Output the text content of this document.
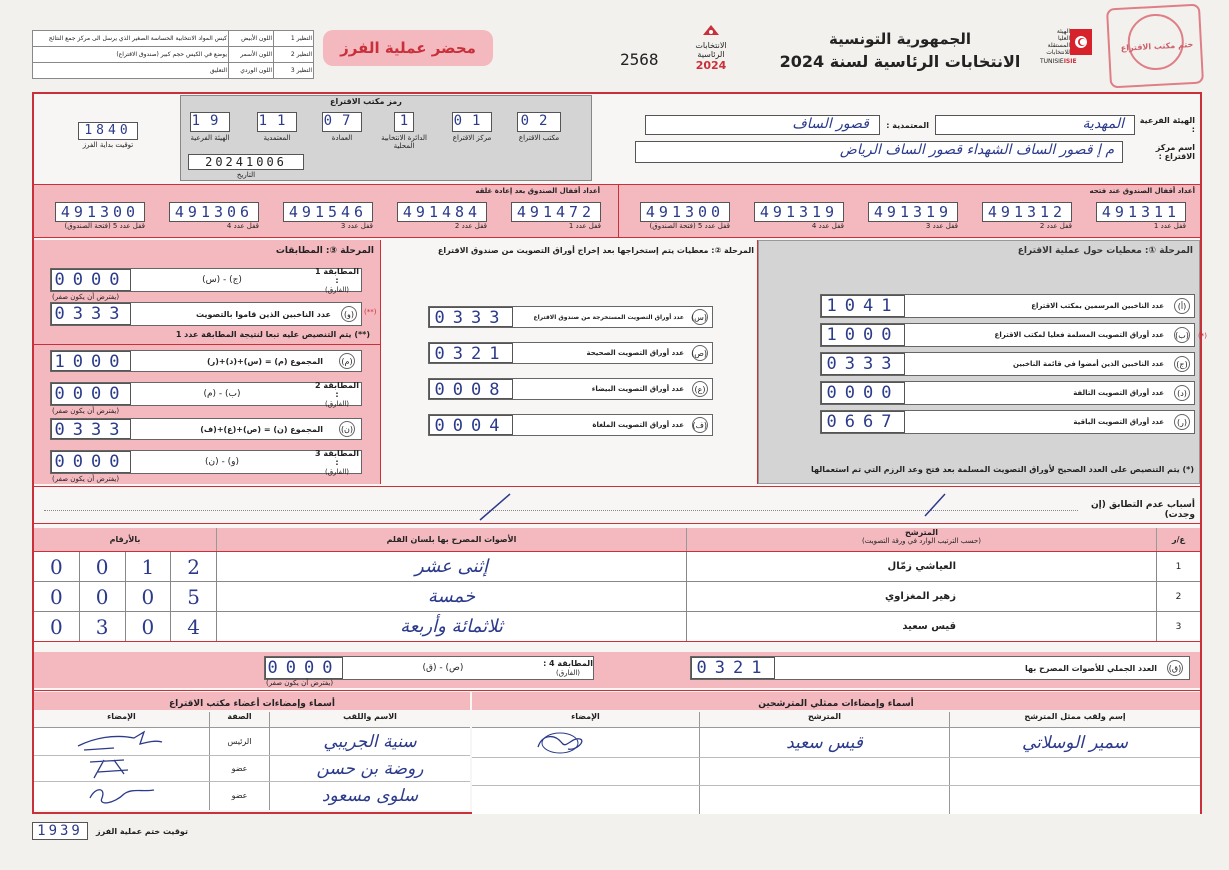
التظير 1	اللون الأبيض	كيس المواد الانتخابية الحساسة الصغير الذي يرسل الى مركز جمع النتائج
التظير 2	اللون الأسمر	يوضع في الكيس حجم كبير (صندوق الاقتراع)
التظير 3	اللون الوردي	التعليق
محضر عملية الفرز
2568
الانتخابات
الرئاسية
2024
الجمهورية التونسية
الانتخابات الرئاسية لسنة 2024
الهيئة
العليا
المستقلة
للانتخابات
TUNISIEISIE
ختم مكتب الاقتراع
رمز مكتب الاقتراع
19
الهيئة الفرعية
11
المعتمدية
07
العمادة
1
الدائرة الانتخابية المحلية
01
مركز الاقتراع
02
مكتب الاقتراع
20241006
التاريخ
1840
توقيت بداية الفرز
الهيئة الفرعية :
المهدية
المعتمدية :
قصور الساف
اسم مركز الاقتراع :
م إ قصور الساف الشهداء قصور الساف الرياض
أعداد أقفال الصندوق عند فتحه
أعداد أقفال الصندوق بعد إعادة غلقه
491311
قفل عدد 1
491312
قفل عدد 2
491319
قفل عدد 3
491319
قفل عدد 4
491300
قفل عدد 5 (فتحة الصندوق)
491472
قفل عدد 1
491484
قفل عدد 2
491546
قفل عدد 3
491306
قفل عدد 4
491300
قفل عدد 5 (فتحة الصندوق)
المرحلة ①: معطيات حول عملية الاقتراع
(أ)
عدد الناخبين المرسمين بمكتب الاقتراع
1041
(ب)
عدد أوراق التصويت المسلمة فعليا لمكتب الاقتراع
1000
(ج)
عدد الناخبين الذين أمضوا في قائمة الناخبين
0333
(د)
عدد أوراق التصويت التالفة
0000
(ر)
عدد أوراق التصويت الباقية
0667
(*)
(*) يتم التنصيص على العدد الصحيح لأوراق التصويت المسلمة بعد فتح وعد الرزم التي تم استعمالها
المرحلة ②: معطيات يتم إستخراجها بعد إخراج أوراق التصويت من صندوق الاقتراع
(س)
عدد أوراق التصويت المستخرجة من صندوق الاقتراع
0333
(ص)
عدد أوراق التصويت الصحيحة
0321
(ع)
عدد أوراق التصويت البيضاء
0008
(ف)
عدد أوراق التصويت الملغاة
0004
المرحلة ③: المطابقات
المطابقة 1 :
(الفارق)
(ج) - (س)
0000
(يفترض أن يكون صفر)
(و)
عدد الناخبين الذين قاموا بالتصويت
0333	(**)
(**) يتم التنصيص عليه تبعا لنتيجة المطابقة عدد 1
(م)
المجموع (م) = (س)+(د)+(ر)
1000
المطابقة 2 :
(الفارق)
(ب) - (م)
0000
(يفترض أن يكون صفر)
(ن)
المجموع (ن) = (ص)+(ع)+(ف)
0333
المطابقة 3 :
(الفارق)
(و) - (ن)
0000
(يفترض أن يكون صفر)
أسباب عدم التطابق (إن وجدت)
ع/ر
المترشح
(حسب الترتيب الوارد في ورقة التصويت)
الأصوات المصرح بها بلسان القلم
بالأرقام
1
العياشي زمّال
إثنى عشر
0	0	1	2
2
زهير المغزاوي
خمسة
0	0	0	5
3
قيس سعيد
ثلاثمائة وأربعة
0	3	0	4
(ق)
العدد الجملي للأصوات المصرح بها
0321
المطابقة 4 :
(الفارق)
(ص) - (ق)
0000
(يفترض أن يكون صفر)
أسماء وإمضاءات ممثلي المترشحين
أسماء وإمضاءات أعضاء مكتب الاقتراع
إسم ولقب ممثل المترشح
المترشح
الإمضاء
سمير الوسلاتي
قيس سعيد
الاسم واللقب
الصفة
الإمضاء
سنية الجريبي
الرئيس
روضة بن حسن
عضو
سلوى مسعود
عضو
1939	توقيت ختم عملية الفرز
